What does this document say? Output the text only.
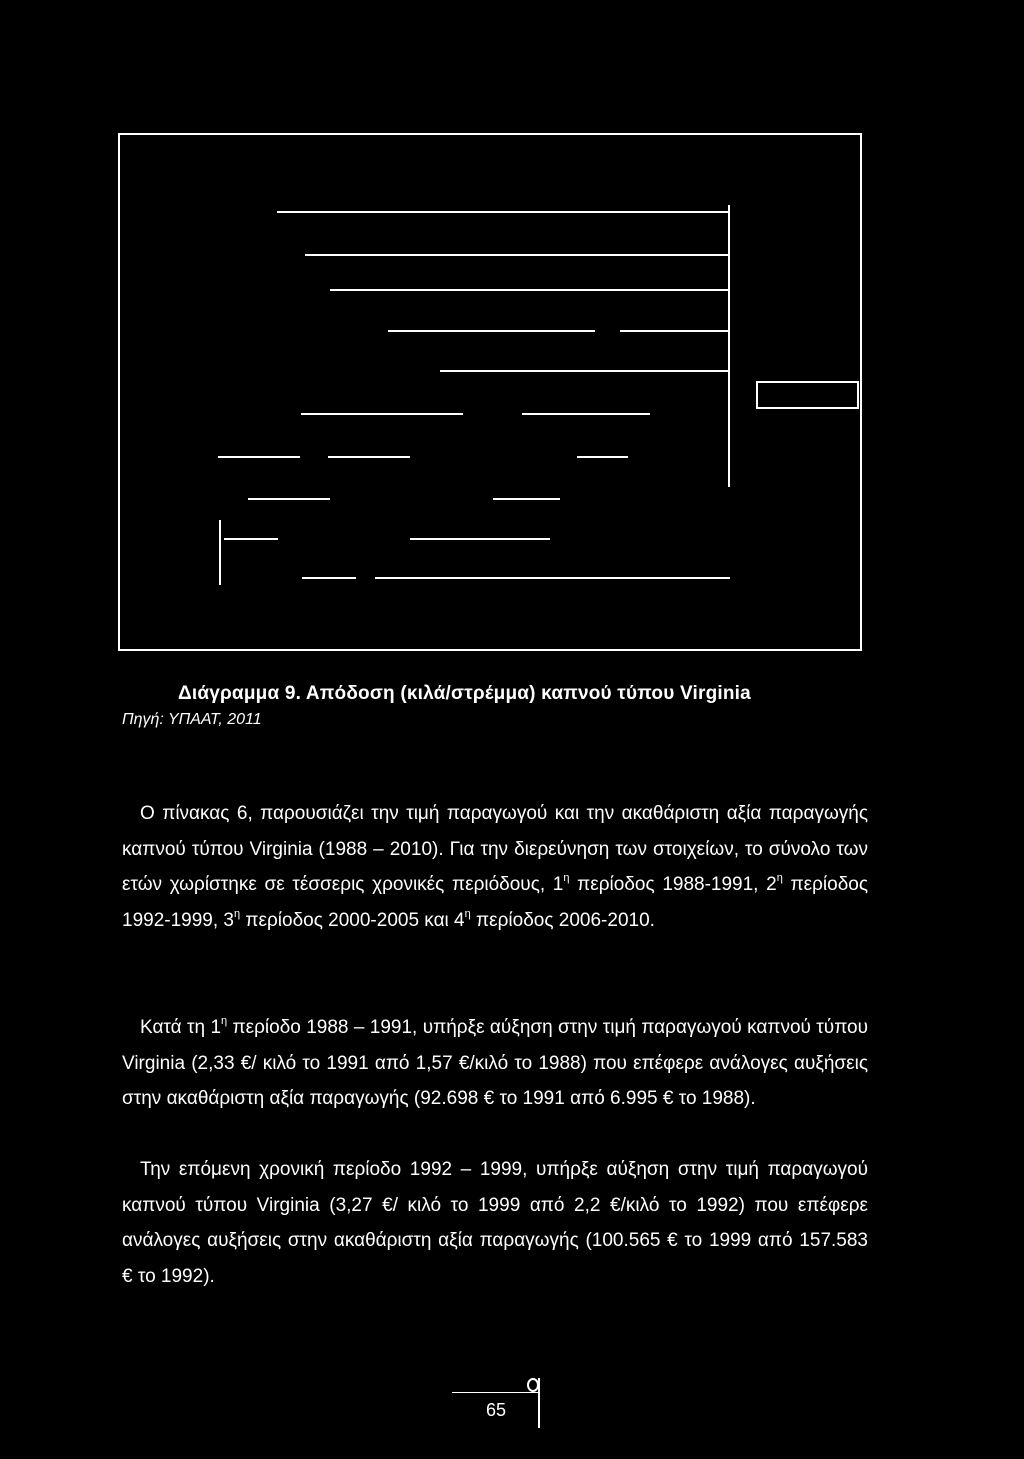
Διάγραμμα 9. Απόδοση (κιλά/στρέμμα) καπνού τύπου Virginia
Πηγή: ΥΠΑΑΤ, 2011
Ο πίνακας 6, παρουσιάζει την τιμή παραγωγού και την ακαθάριστη αξία παραγωγής καπνού τύπου Virginia (1988 – 2010). Για την διερεύνηση των στοιχείων, το σύνολο των ετών χωρίστηκε σε τέσσερις χρονικές περιόδους, $1^\eta$ περίοδος 1988-1991, $2^\eta$ περίοδος 1992-1999, $3^\eta$ περίοδος 2000-2005 και $4^\eta$ περίοδος 2006-2010.
Κατά τη $1^\eta$ περίοδο 1988 – 1991, υπήρξε αύξηση στην τιμή παραγωγού καπνού τύπου Virginia (2,33 €/ κιλό το 1991 από 1,57 €/κιλό το 1988) που επέφερε ανάλογες αυξήσεις στην ακαθάριστη αξία παραγωγής (92.698 € το 1991 από 6.995 € το 1988).
Την επόμενη χρονική περίοδο 1992 – 1999, υπήρξε αύξηση στην τιμή παραγωγού καπνού τύπου Virginia (3,27 €/ κιλό το 1999 από 2,2 €/κιλό το 1992) που επέφερε ανάλογες αυξήσεις στην ακαθάριστη αξία παραγωγής (100.565 € το 1999 από 157.583 € το 1992).
65
